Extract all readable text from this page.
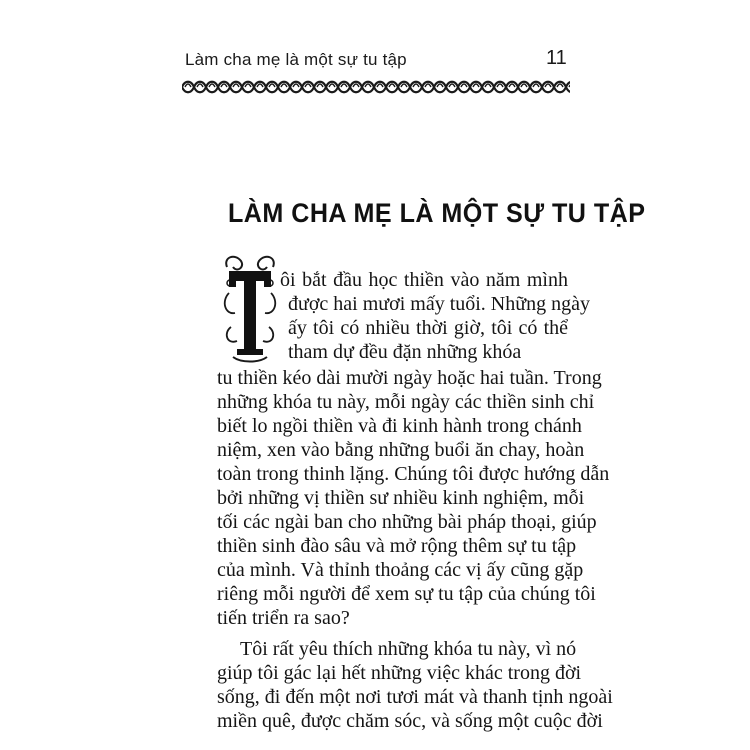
Làm cha mẹ là một sự tu tập	11
LÀM CHA MẸ LÀ MỘT SỰ TU TẬP
ôi bắt đầu học thiền vào năm mình
được hai mươi mấy tuổi. Những ngày
ấy tôi có nhiều thời giờ, tôi có thể
tham dự đều đặn những khóa
tu thiền kéo dài mười ngày hoặc hai tuần. Trong
những khóa tu này, mỗi ngày các thiền sinh chỉ
biết lo ngồi thiền và đi kinh hành trong chánh
niệm, xen vào bằng những buổi ăn chay, hoàn
toàn trong thinh lặng. Chúng tôi được hướng dẫn
bởi những vị thiền sư nhiều kinh nghiệm, mỗi
tối các ngài ban cho những bài pháp thoại, giúp
thiền sinh đào sâu và mở rộng thêm sự tu tập
của mình. Và thỉnh thoảng các vị ấy cũng gặp
riêng mỗi người để xem sự tu tập của chúng tôi
tiến triển ra sao?
Tôi rất yêu thích những khóa tu này, vì nó
giúp tôi gác lại hết những việc khác trong đời
sống, đi đến một nơi tươi mát và thanh tịnh ngoài
miền quê, được chăm sóc, và sống một cuộc đời
